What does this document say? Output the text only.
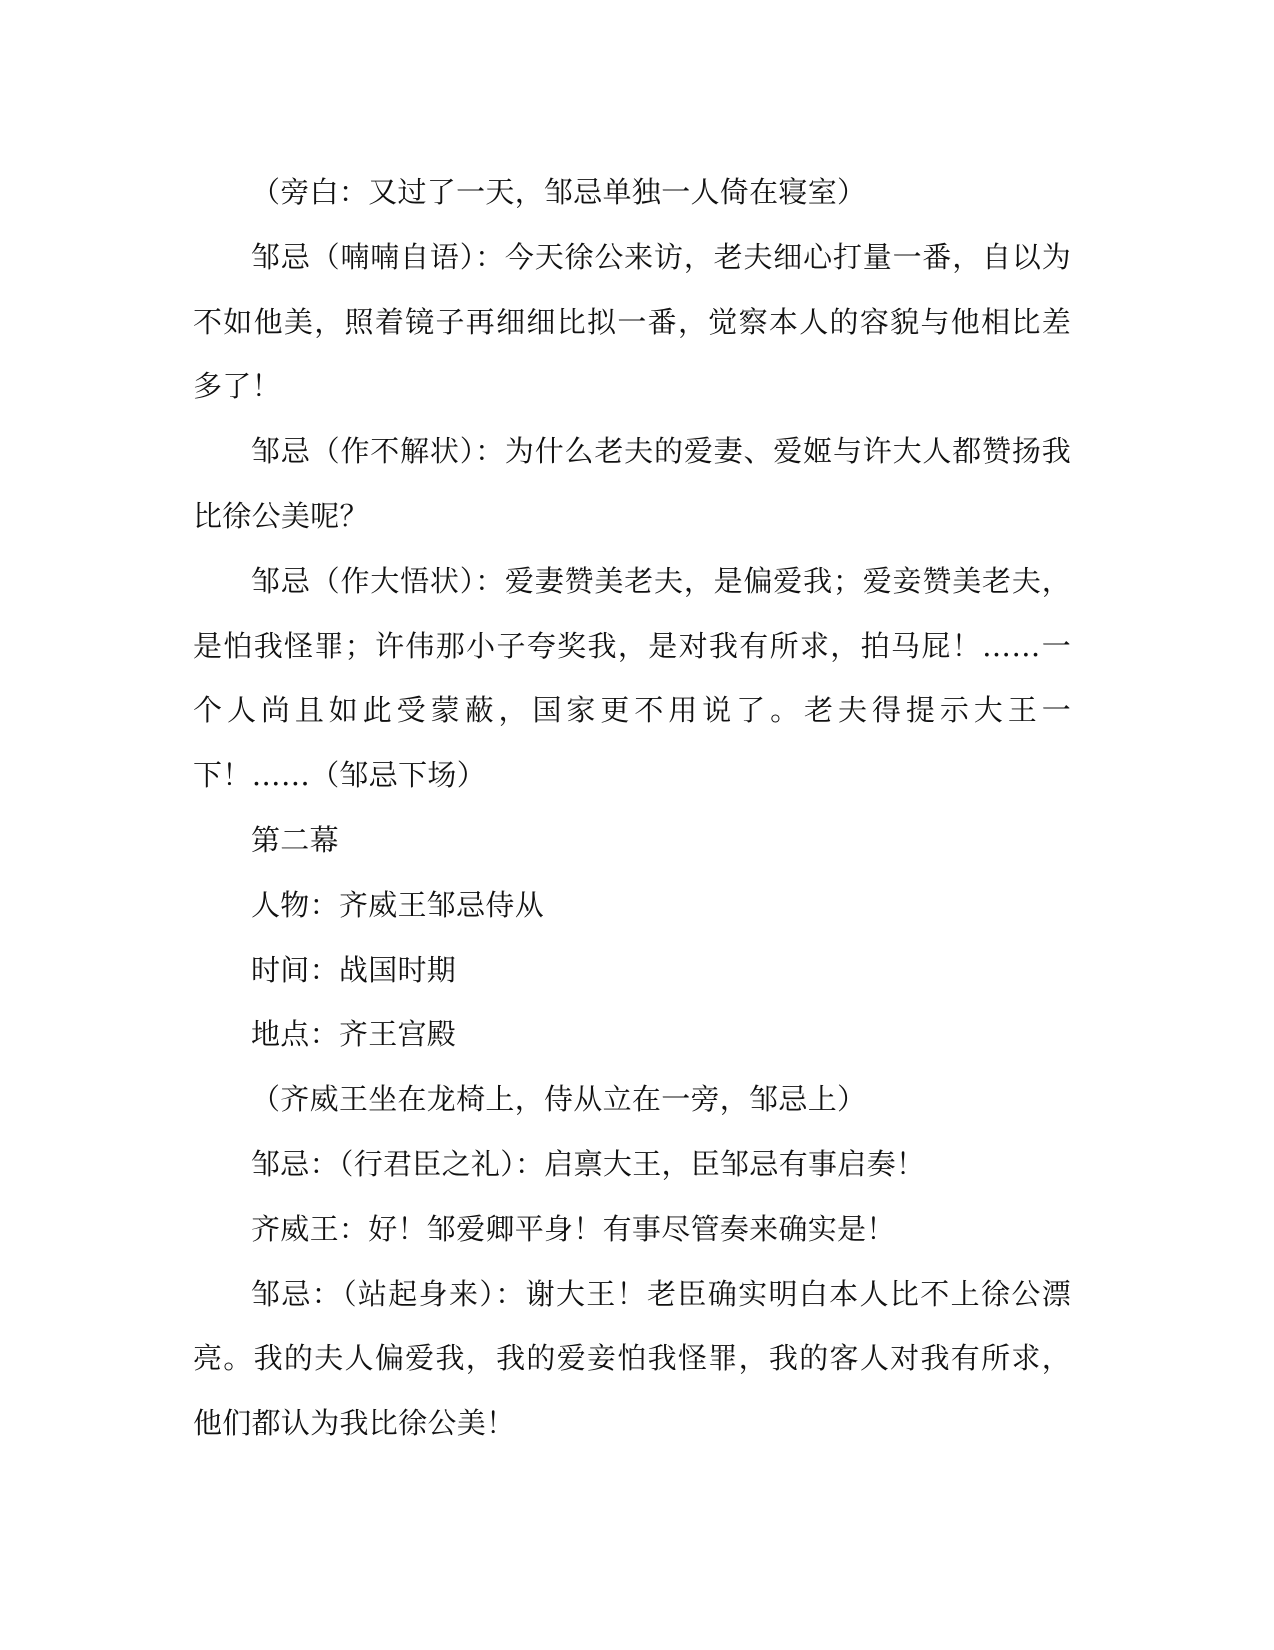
（旁白：又过了一天，邹忌单独一人倚在寝室）

邹忌（喃喃自语）：今天徐公来访，老夫细心打量一番，自以为不如他美，照着镜子再细细比拟一番，觉察本人的容貌与他相比差多了！

邹忌（作不解状）：为什么老夫的爱妻、爱姬与许大人都赞扬我比徐公美呢？

邹忌（作大悟状）：爱妻赞美老夫，是偏爱我；爱妾赞美老夫，是怕我怪罪；许伟那小子夸奖我，是对我有所求，拍马屁！……一个人尚且如此受蒙蔽，国家更不用说了。老夫得提示大王一下！……（邹忌下场）

第二幕

人物：齐威王邹忌侍从

时间：战国时期

地点：齐王宫殿

（齐威王坐在龙椅上，侍从立在一旁，邹忌上）

邹忌：（行君臣之礼）：启禀大王，臣邹忌有事启奏！

齐威王：好！邹爱卿平身！有事尽管奏来确实是！

邹忌：（站起身来）：谢大王！老臣确实明白本人比不上徐公漂亮。我的夫人偏爱我，我的爱妾怕我怪罪，我的客人对我有所求，他们都认为我比徐公美！
